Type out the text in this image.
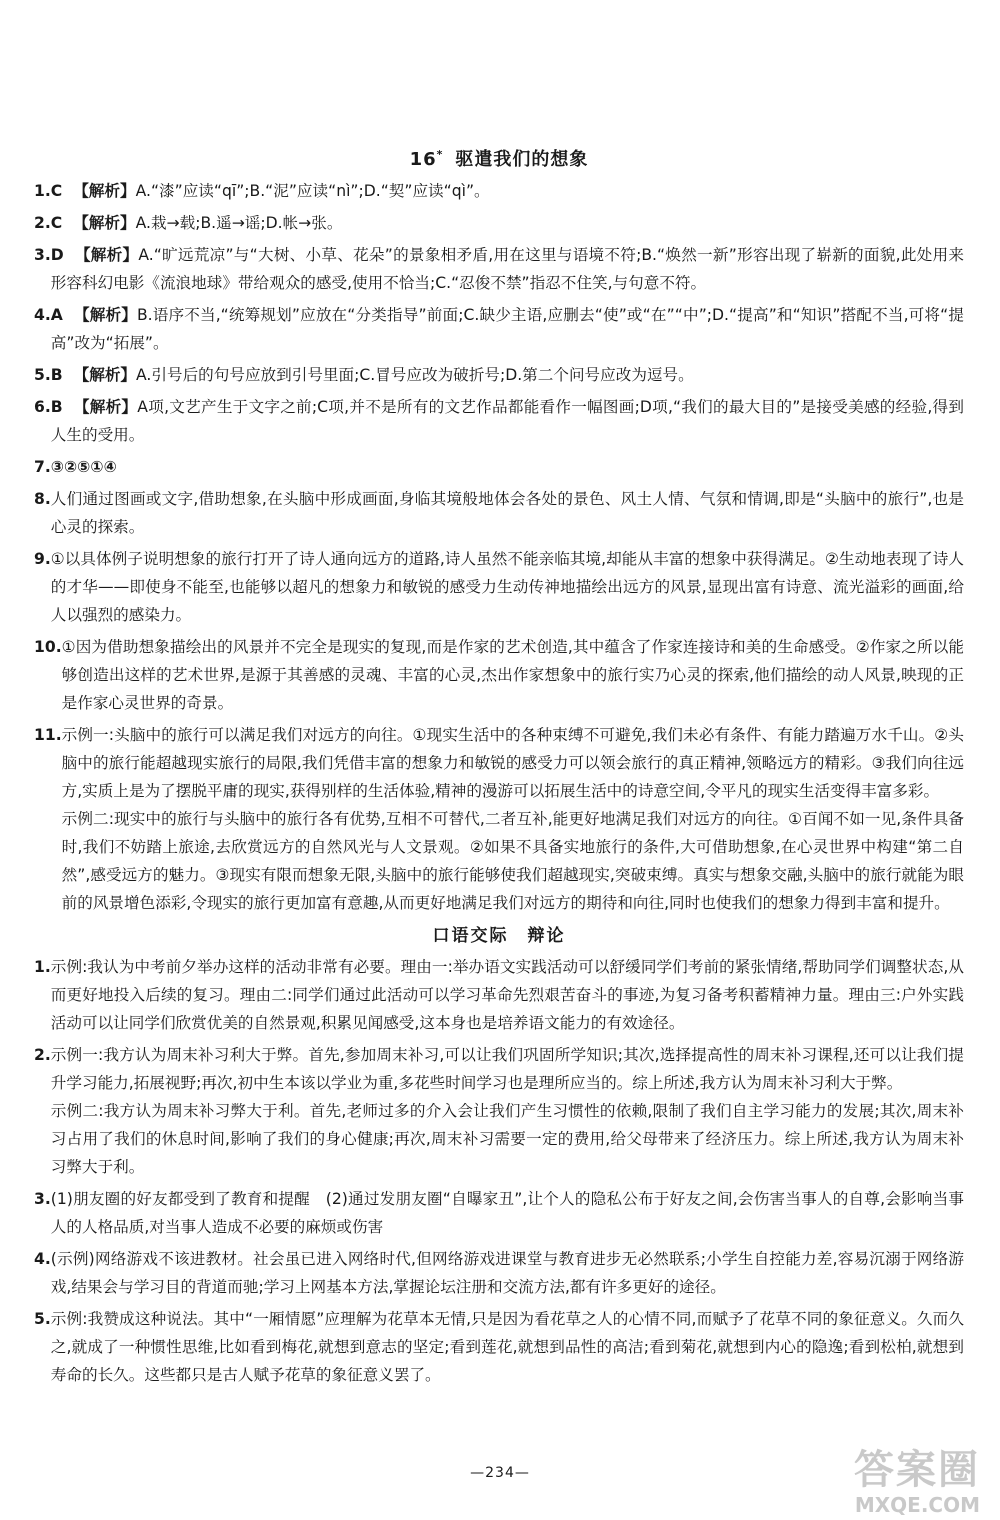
16* 驱遣我们的想象
1. C 【解析】A.“漆”应读“qī”;B.“泥”应读“nì”;D.“契”应读“qì”。
2. C 【解析】A.栽→载;B.遥→谣;D.帐→张。
3. D 【解析】A.“旷远荒凉”与“大树、小草、花朵”的景象相矛盾,用在这里与语境不符;B.“焕然一新”形容出现了崭新的面貌,此处用来形容科幻电影《流浪地球》带给观众的感受,使用不恰当;C.“忍俊不禁”指忍不住笑,与句意不符。
4. A 【解析】B.语序不当,“统筹规划”应放在“分类指导”前面;C.缺少主语,应删去“使”或“在”“中”;D.“提高”和“知识”搭配不当,可将“提高”改为“拓展”。
5. B 【解析】A.引号后的句号应放到引号里面;C.冒号应改为破折号;D.第二个问号应改为逗号。
6. B 【解析】A项,文艺产生于文字之前;C项,并不是所有的文艺作品都能看作一幅图画;D项,“我们的最大目的”是接受美感的经验,得到人生的受用。
7. ③②⑤①④
8. 人们通过图画或文字,借助想象,在头脑中形成画面,身临其境般地体会各处的景色、风土人情、气氛和情调,即是“头脑中的旅行”,也是心灵的探索。
9. ①以具体例子说明想象的旅行打开了诗人通向远方的道路,诗人虽然不能亲临其境,却能从丰富的想象中获得满足。②生动地表现了诗人的才华——即使身不能至,也能够以超凡的想象力和敏锐的感受力生动传神地描绘出远方的风景,显现出富有诗意、流光溢彩的画面,给人以强烈的感染力。
10. ①因为借助想象描绘出的风景并不完全是现实的复现,而是作家的艺术创造,其中蕴含了作家连接诗和美的生命感受。②作家之所以能够创造出这样的艺术世界,是源于其善感的灵魂、丰富的心灵,杰出作家想象中的旅行实乃心灵的探索,他们描绘的动人风景,映现的正是作家心灵世界的奇景。
11. 示例一:头脑中的旅行可以满足我们对远方的向往。①现实生活中的各种束缚不可避免,我们未必有条件、有能力踏遍万水千山。②头脑中的旅行能超越现实旅行的局限,我们凭借丰富的想象力和敏锐的感受力可以领会旅行的真正精神,领略远方的精彩。③我们向往远方,实质上是为了摆脱平庸的现实,获得别样的生活体验,精神的漫游可以拓展生活中的诗意空间,令平凡的现实生活变得丰富多彩。
示例二:现实中的旅行与头脑中的旅行各有优势,互相不可替代,二者互补,能更好地满足我们对远方的向往。①百闻不如一见,条件具备时,我们不妨踏上旅途,去欣赏远方的自然风光与人文景观。②如果不具备实地旅行的条件,大可借助想象,在心灵世界中构建“第二自然”,感受远方的魅力。③现实有限而想象无限,头脑中的旅行能够使我们超越现实,突破束缚。真实与想象交融,头脑中的旅行就能为眼前的风景增色添彩,令现实的旅行更加富有意趣,从而更好地满足我们对远方的期待和向往,同时也使我们的想象力得到丰富和提升。
口语交际　辩论
1. 示例:我认为中考前夕举办这样的活动非常有必要。理由一:举办语文实践活动可以舒缓同学们考前的紧张情绪,帮助同学们调整状态,从而更好地投入后续的复习。理由二:同学们通过此活动可以学习革命先烈艰苦奋斗的事迹,为复习备考积蓄精神力量。理由三:户外实践活动可以让同学们欣赏优美的自然景观,积累见闻感受,这本身也是培养语文能力的有效途径。
2. 示例一:我方认为周末补习利大于弊。首先,参加周末补习,可以让我们巩固所学知识;其次,选择提高性的周末补习课程,还可以让我们提升学习能力,拓展视野;再次,初中生本该以学业为重,多花些时间学习也是理所应当的。综上所述,我方认为周末补习利大于弊。
示例二:我方认为周末补习弊大于利。首先,老师过多的介入会让我们产生习惯性的依赖,限制了我们自主学习能力的发展;其次,周末补习占用了我们的休息时间,影响了我们的身心健康;再次,周末补习需要一定的费用,给父母带来了经济压力。综上所述,我方认为周末补习弊大于利。
3. (1)朋友圈的好友都受到了教育和提醒　(2)通过发朋友圈“自曝家丑”,让个人的隐私公布于好友之间,会伤害当事人的自尊,会影响当事人的人格品质,对当事人造成不必要的麻烦或伤害
4. (示例)网络游戏不该进教材。社会虽已进入网络时代,但网络游戏进课堂与教育进步无必然联系;小学生自控能力差,容易沉溺于网络游戏,结果会与学习目的背道而驰;学习上网基本方法,掌握论坛注册和交流方法,都有许多更好的途径。
5. 示例:我赞成这种说法。其中“一厢情愿”应理解为花草本无情,只是因为看花草之人的心情不同,而赋予了花草不同的象征意义。久而久之,就成了一种惯性思维,比如看到梅花,就想到意志的坚定;看到莲花,就想到品性的高洁;看到菊花,就想到内心的隐逸;看到松柏,就想到寿命的长久。这些都只是古人赋予花草的象征意义罢了。
—234—	答案圈
MXQE.COM
